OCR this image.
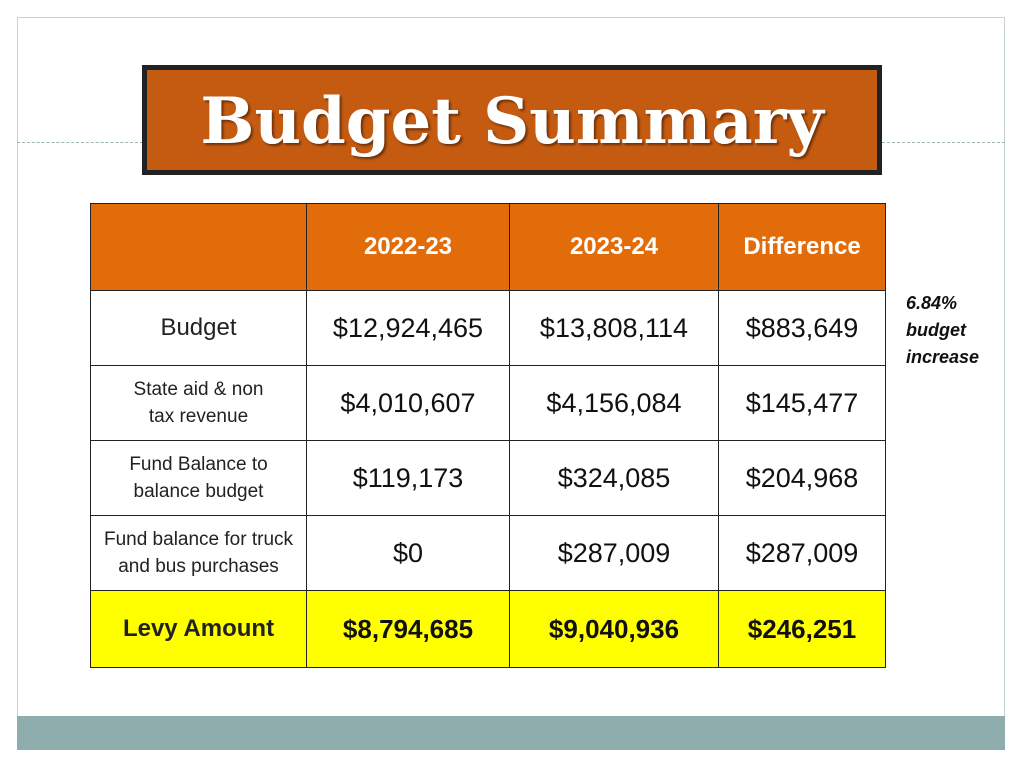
Budget Summary
	2022-23	2023-24	Difference
Budget	$12,924,465	$13,808,114	$883,649
State aid & non
tax revenue	$4,010,607	$4,156,084	$145,477
Fund Balance to
balance budget	$119,173	$324,085	$204,968
Fund balance for truck
and bus purchases	$0	$287,009	$287,009
Levy Amount	$8,794,685	$9,040,936	$246,251
6.84%
budget
increase
